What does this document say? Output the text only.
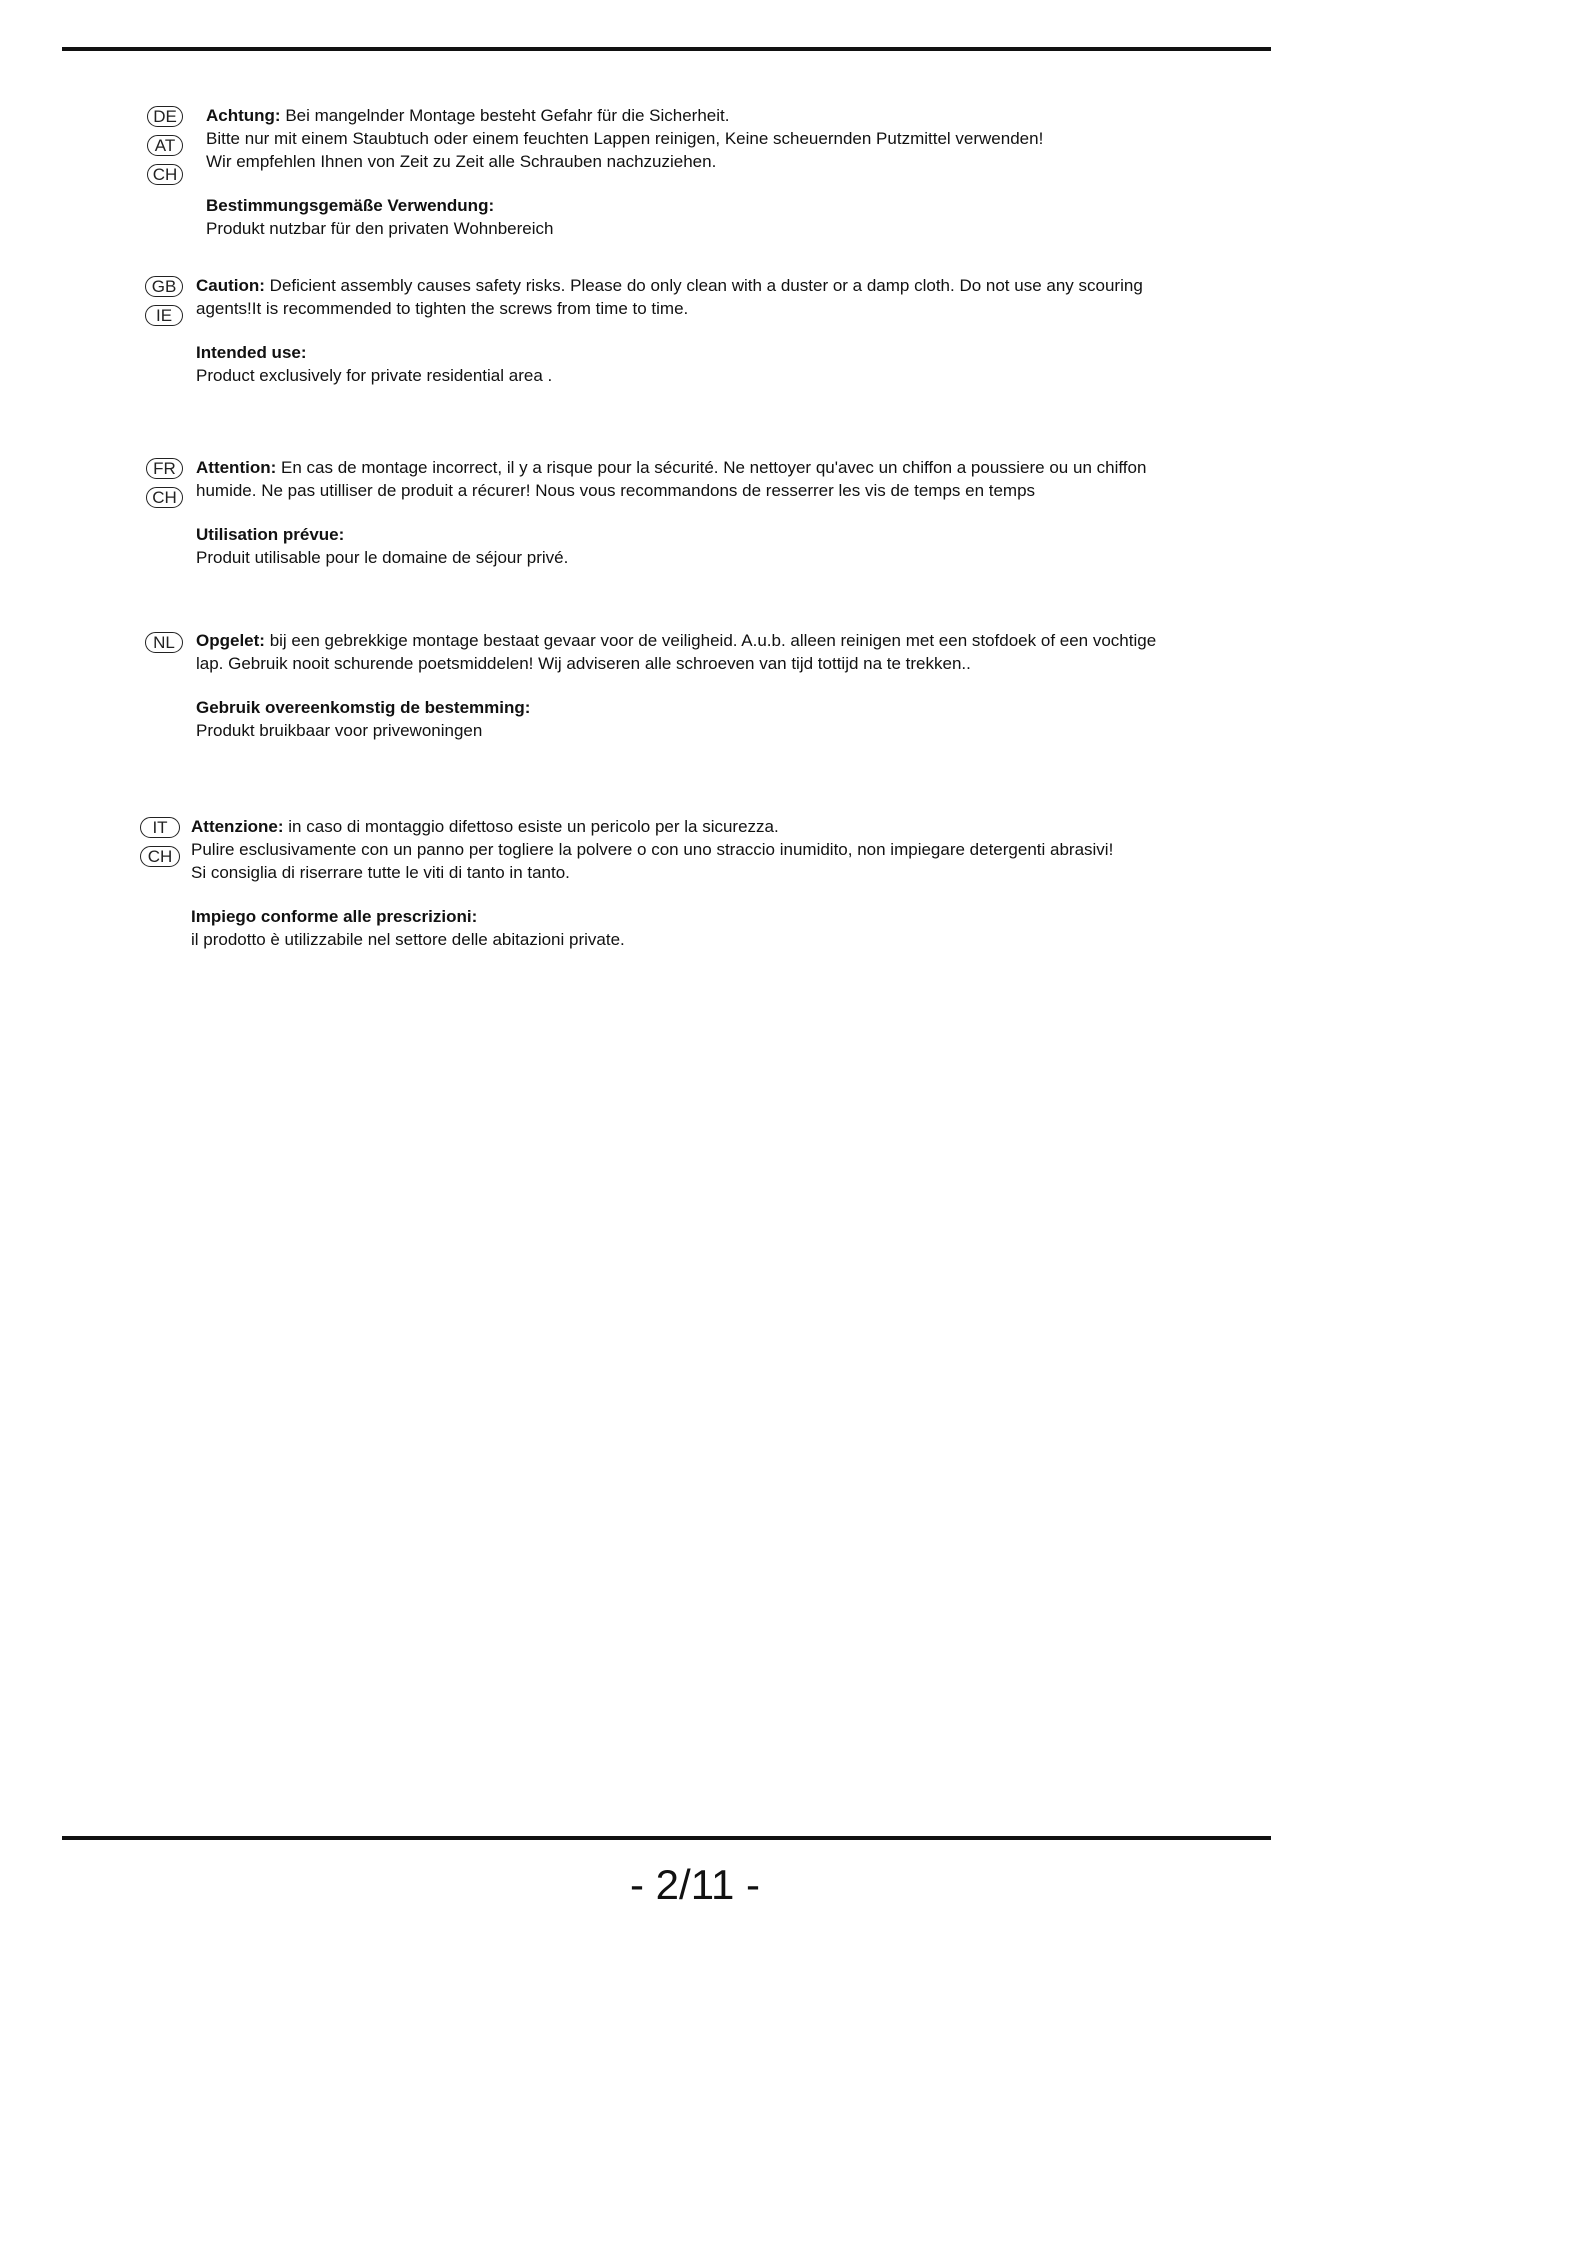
DE
AT
CH
Achtung: Bei mangelnder Montage besteht Gefahr für die Sicherheit.
Bitte nur mit einem Staubtuch oder einem feuchten Lappen reinigen, Keine scheuernden Putzmittel verwenden!
Wir empfehlen Ihnen von Zeit zu Zeit alle Schrauben nachzuziehen.
Bestimmungsgemäße Verwendung:
Produkt nutzbar für den privaten Wohnbereich
GB
IE
Caution: Deficient assembly causes safety risks. Please do only clean with a duster or a damp cloth. Do not use any scouring
agents!It is recommended to tighten the screws from time to time.
Intended use:
Product exclusively for private residential area .
FR
CH
Attention: En cas de montage incorrect, il y a risque pour la sécurité. Ne nettoyer qu'avec un chiffon a poussiere ou un chiffon
humide. Ne pas utilliser de produit a récurer! Nous vous recommandons de resserrer les vis de temps en temps
Utilisation prévue:
Produit utilisable pour le domaine de séjour privé.
NL	Opgelet: bij een gebrekkige montage bestaat gevaar voor de veiligheid. A.u.b. alleen reinigen met een stofdoek of een vochtige
lap. Gebruik nooit schurende poetsmiddelen! Wij adviseren alle schroeven van tijd tottijd na te trekken..
Gebruik overeenkomstig de bestemming:
Produkt bruikbaar voor privewoningen
IT
CH
Attenzione: in caso di montaggio difettoso esiste un pericolo per la sicurezza.
Pulire esclusivamente con un panno per togliere la polvere o con uno straccio inumidito, non impiegare detergenti abrasivi!
Si consiglia di riserrare tutte le viti di tanto in tanto.
Impiego conforme alle prescrizioni:
il prodotto è utilizzabile nel settore delle abitazioni private.
- 2/11 -
